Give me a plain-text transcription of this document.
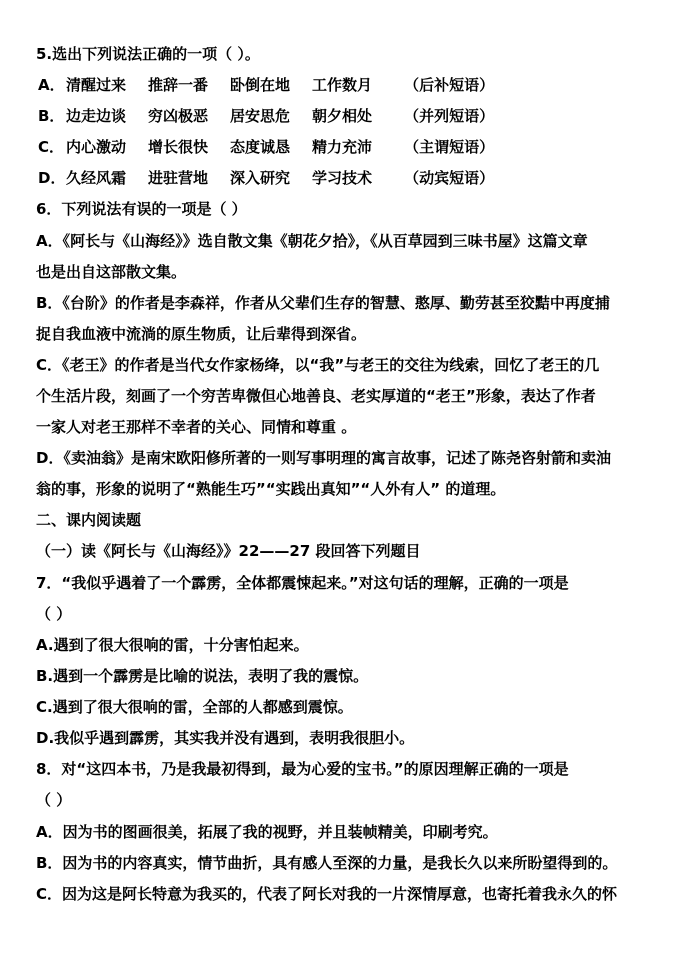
5.选出下列说法正确的一项（ ）。
A．清醒过来 推辞一番 卧倒在地 工作数月 （后补短语）
B． 边走边谈 穷凶极恶 居安思危 朝夕相处 （并列短语）
C． 内心激动 增长很快 态度诚恳 精力充沛 （主谓短语）
D．久经风霜 进驻营地 深入研究 学习技术 （动宾短语）
6．下列说法有误的一项是（ ）
A．《阿长与《山海经》》选自散文集《朝花夕拾》，《从百草园到三味书屋》这篇文章
也是出自这部散文集。
B．《台阶》的作者是李森祥，作者从父辈们生存的智慧、憨厚、勤劳甚至狡黠中再度捕
捉自我血液中流淌的原生物质，让后辈得到深省。
C．《老王》的作者是当代女作家杨绛，以“我”与老王的交往为线索，回忆了老王的几
个生活片段，刻画了一个穷苦卑微但心地善良、老实厚道的“老王”形象，表达了作者
一家人对老王那样不幸者的关心、同情和尊重 。
D．《卖油翁》是南宋欧阳修所著的一则写事明理的寓言故事，记述了陈尧咨射箭和卖油
翁的事，形象的说明了“熟能生巧”“实践出真知”“人外有人” 的道理。
二、课内阅读题
（一）读《阿长与《山海经》》22——27 段回答下列题目
7．“我似乎遇着了一个霹雳，全体都震悚起来。”对这句话的理解，正确的一项是
（ ）
A.遇到了很大很响的雷，十分害怕起来。
B.遇到一个霹雳是比喻的说法，表明了我的震惊。
C.遇到了很大很响的雷，全部的人都感到震惊。
D.我似乎遇到霹雳，其实我并没有遇到，表明我很胆小。
8．对“这四本书，乃是我最初得到，最为心爱的宝书。”的原因理解正确的一项是
（ ）
A．因为书的图画很美，拓展了我的视野，并且装帧精美，印刷考究。
B．因为书的内容真实，情节曲折，具有感人至深的力量，是我长久以来所盼望得到的。
C．因为这是阿长特意为我买的，代表了阿长对我的一片深情厚意，也寄托着我永久的怀
